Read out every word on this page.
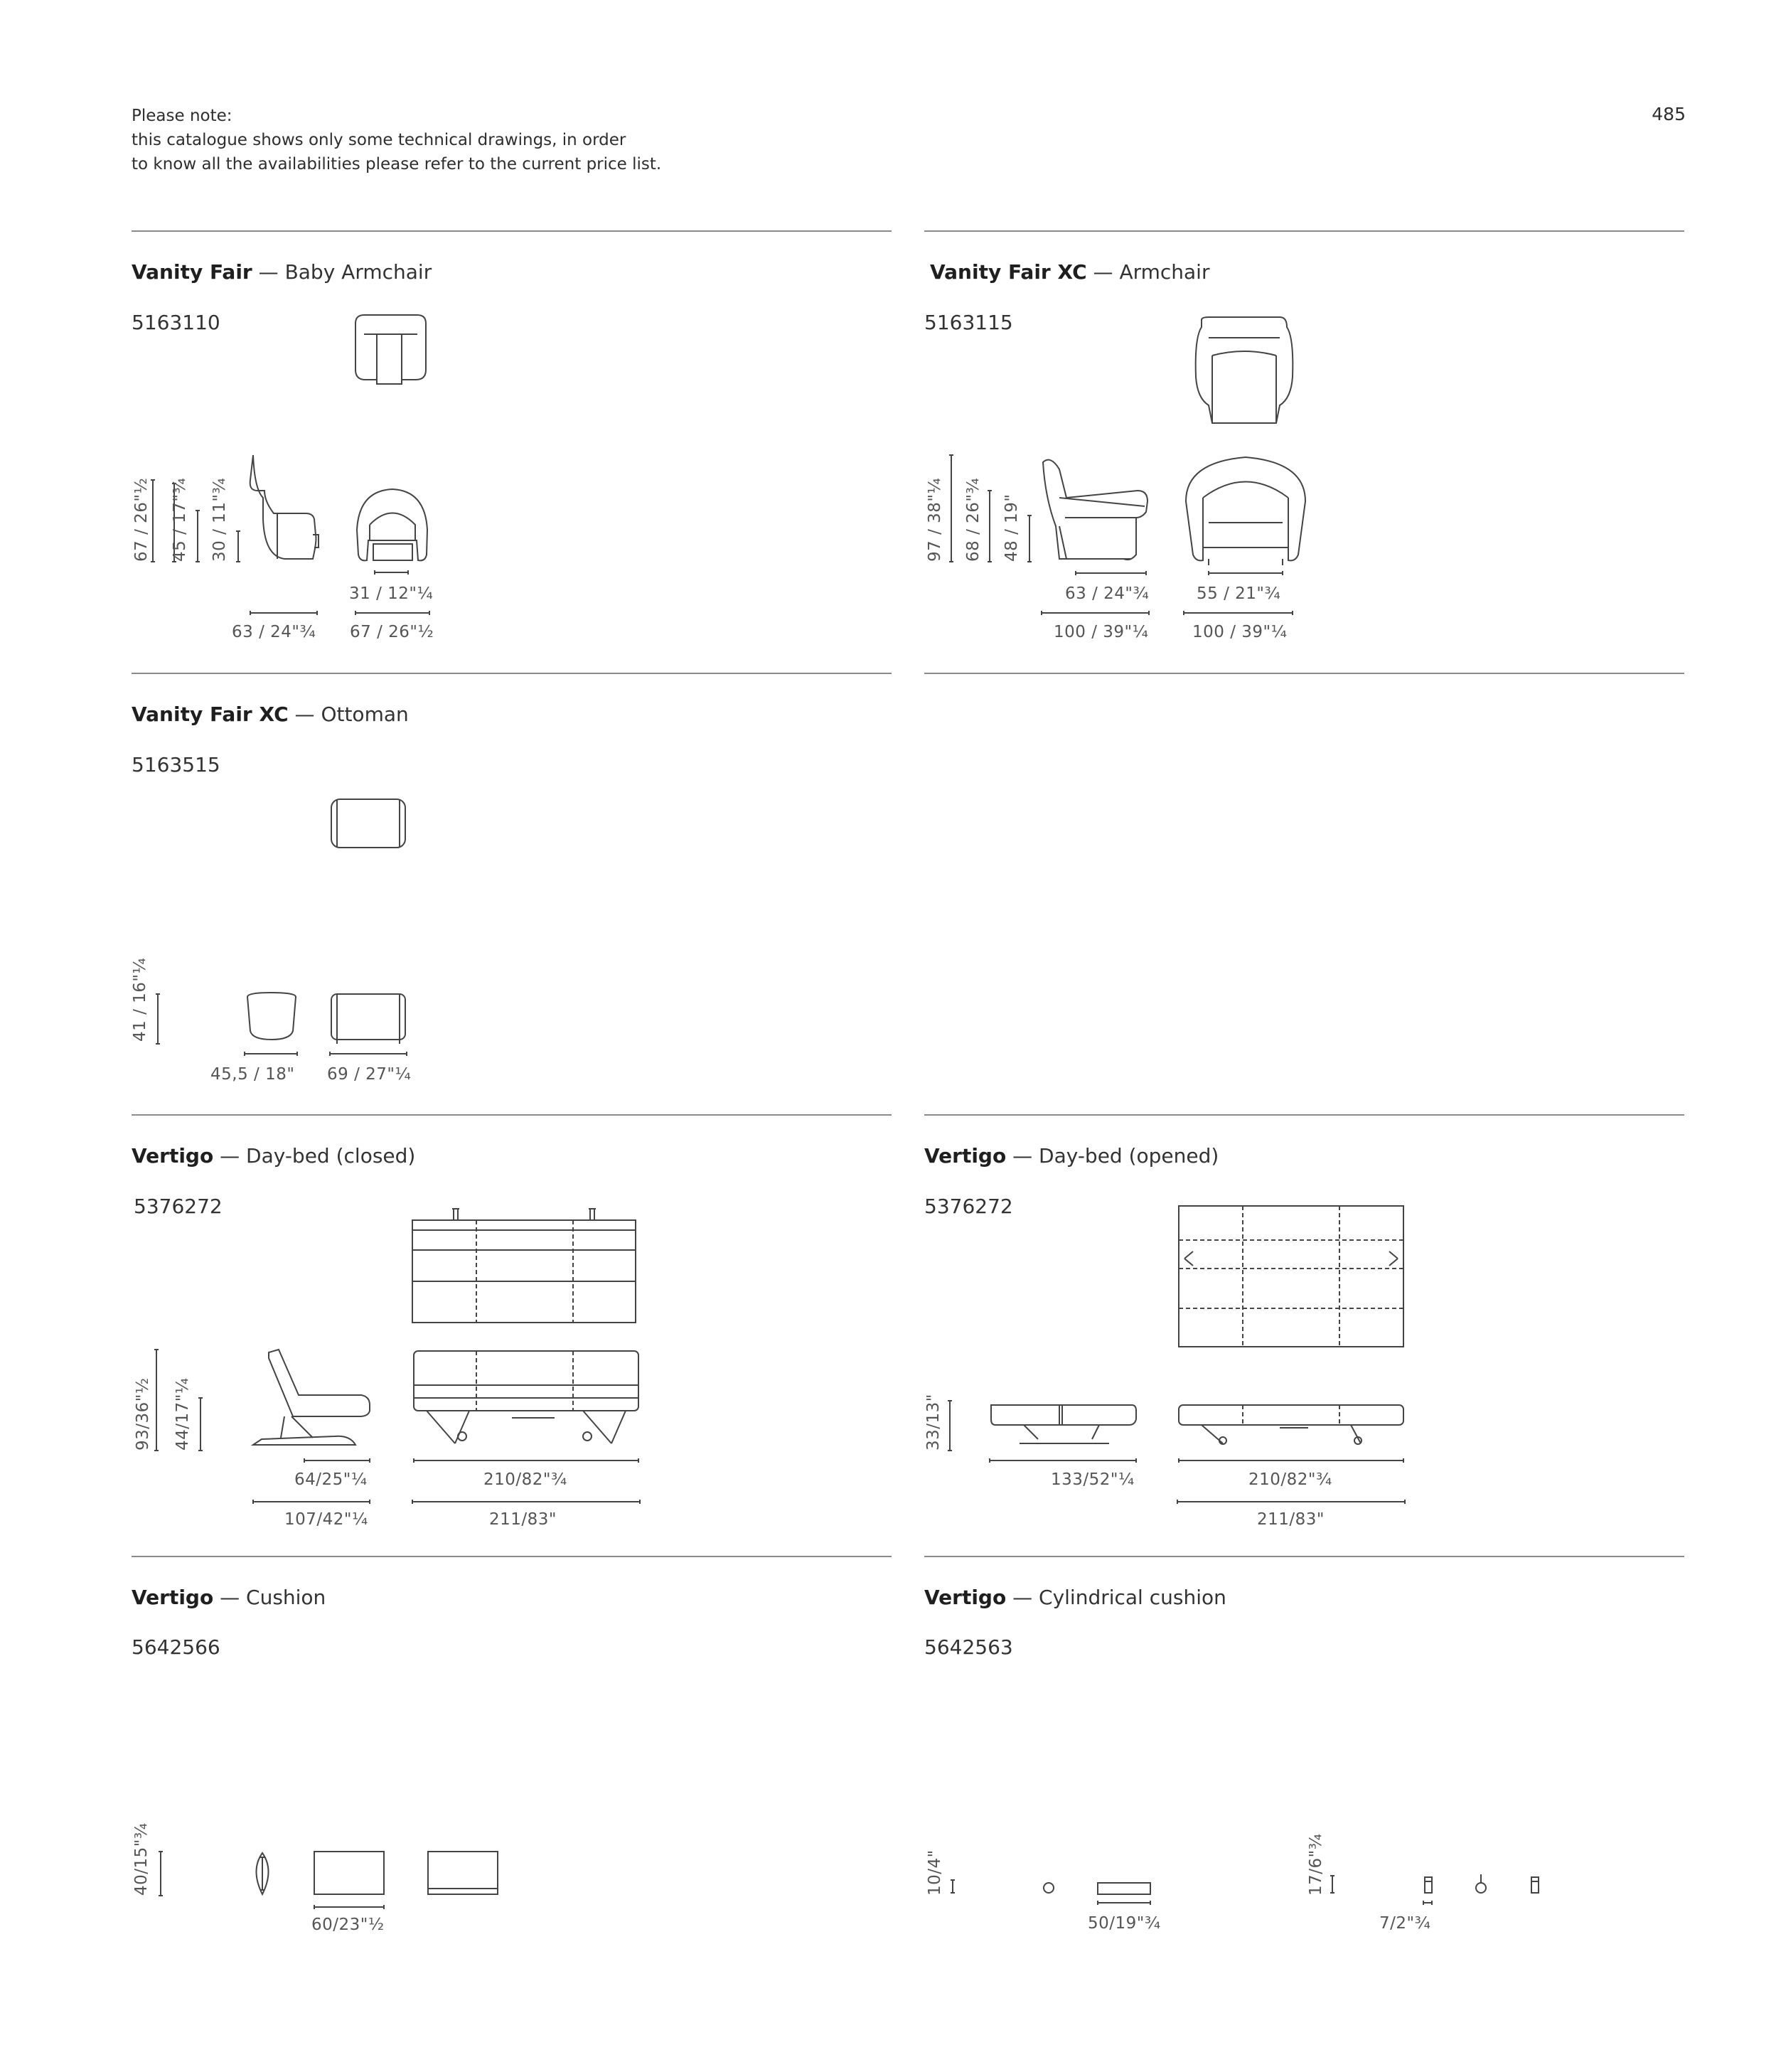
Please note:
this catalogue shows only some technical drawings, in order
to know all the availabilities please refer to the current price list.
485
Vanity Fair — Baby Armchair
5163110
67 / 26"½ 45 / 17"¾ 30 / 11"¾
31 / 12"¼
63 / 24"¾ 67 / 26"½
Vanity Fair XC — Armchair
5163115
97 / 38"¼ 68 / 26"¾ 48 / 19"
63 / 24"¾	55 / 21"¾
100 / 39"¼	100 / 39"¼
Vanity Fair XC — Ottoman
5163515
41 / 16"¼
45,5 / 18" 69 / 27"¼
Vertigo — Day-bed (closed)
5376272
93/36"½ 44/17"¼
64/25"¼	210/82"¾
107/42"¼	211/83"
Vertigo — Day-bed (opened)
5376272
33/13"
133/52"¼	210/82"¾
211/83"
Vertigo — Cushion
5642566
40/15"¾
60/23"½
Vertigo — Cylindrical cushion
5642563
10/4"	17/6"¾
50/19"¾	7/2"¾
